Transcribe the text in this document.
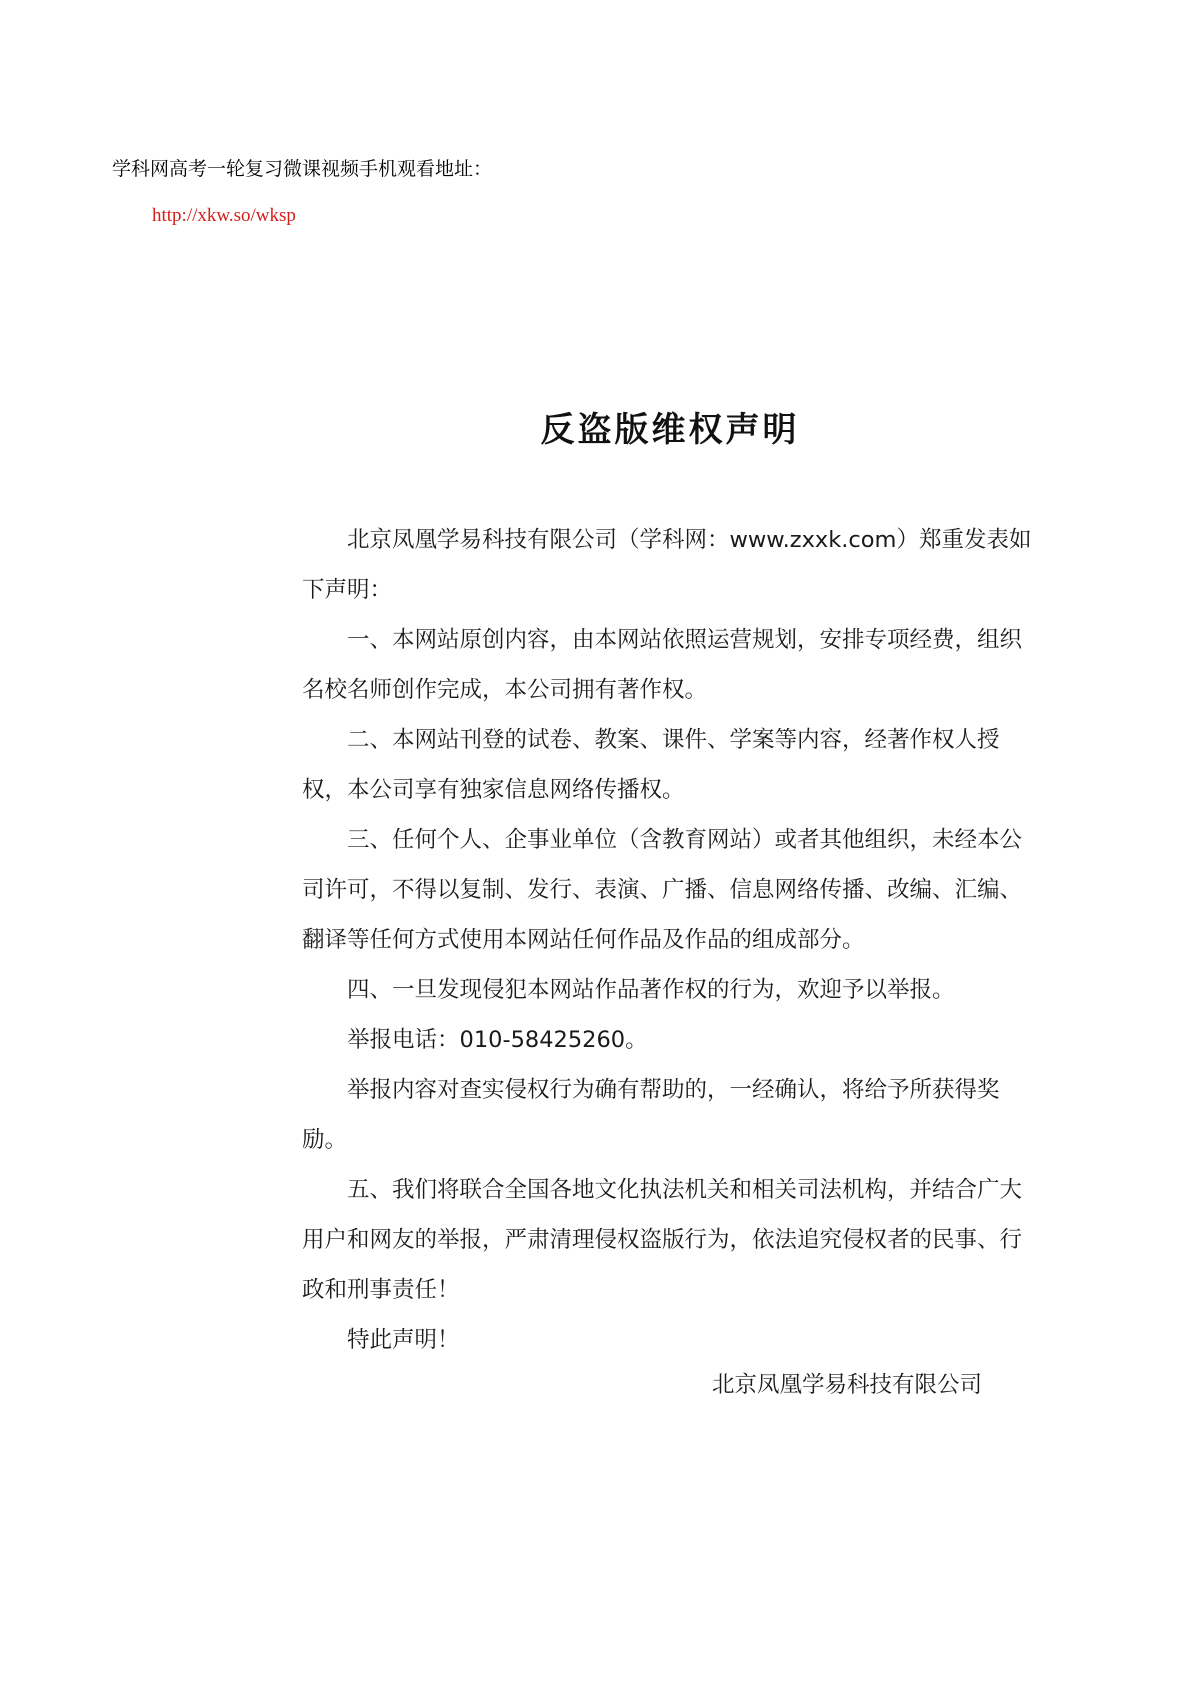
学科网高考一轮复习微课视频手机观看地址：
http://xkw.so/wksp
反盗版维权声明

北京凤凰学易科技有限公司（学科网：www.zxxk.com）郑重发表如下声明：

一、本网站原创内容，由本网站依照运营规划，安排专项经费，组织名校名师创作完成，本公司拥有著作权。

二、本网站刊登的试卷、教案、课件、学案等内容，经著作权人授权，本公司享有独家信息网络传播权。

三、任何个人、企事业单位（含教育网站）或者其他组织，未经本公司许可，不得以复制、发行、表演、广播、信息网络传播、改编、汇编、翻译等任何方式使用本网站任何作品及作品的组成部分。

四、一旦发现侵犯本网站作品著作权的行为，欢迎予以举报。

举报电话：010-58425260。

举报内容对查实侵权行为确有帮助的，一经确认，将给予所获得奖励。

五、我们将联合全国各地文化执法机关和相关司法机构，并结合广大用户和网友的举报，严肃清理侵权盗版行为，依法追究侵权者的民事、行政和刑事责任！

特此声明！

北京凤凰学易科技有限公司
